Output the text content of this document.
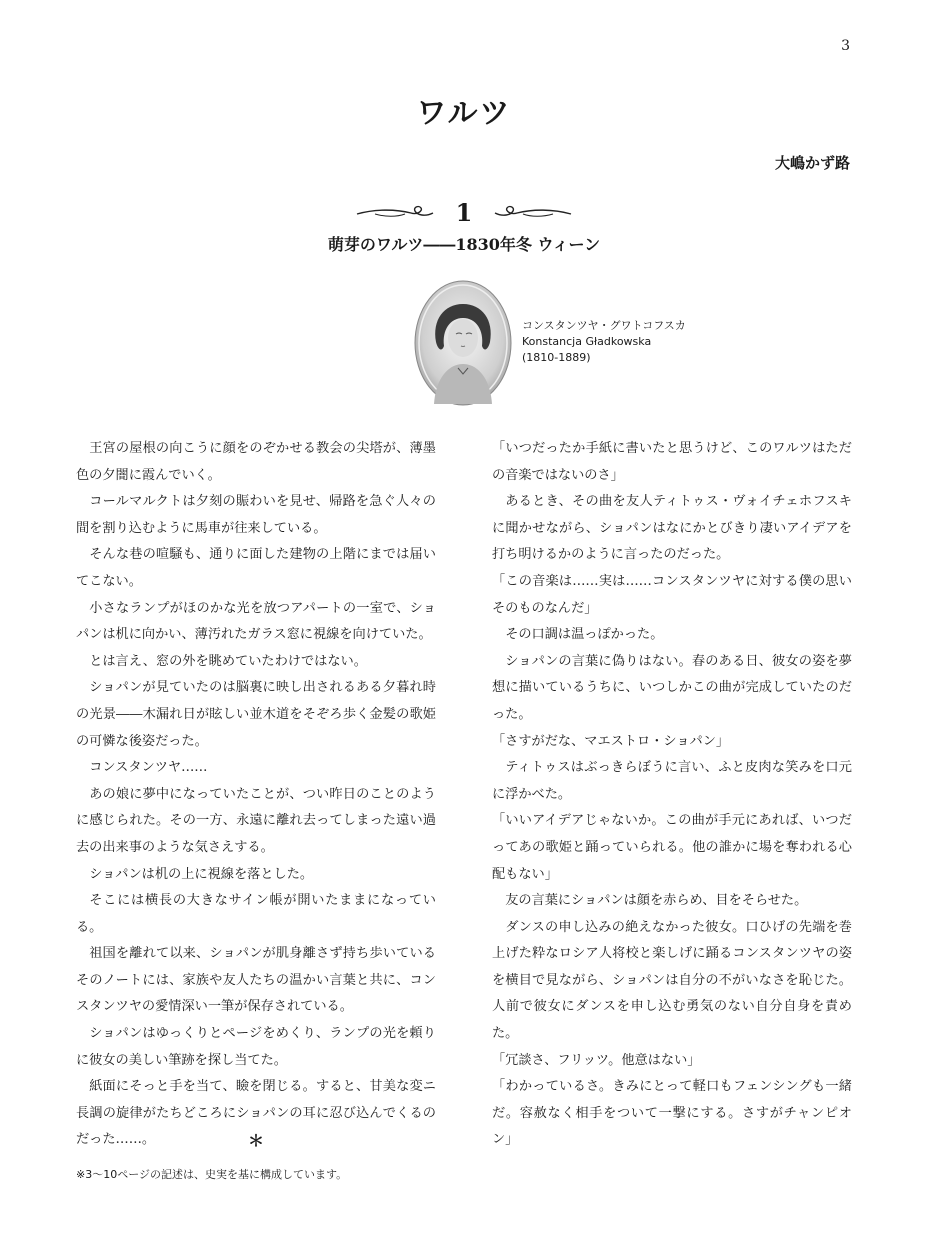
3
ワルツ
大嶋かず路
1
萌芽のワルツ――1830年冬 ウィーン
コンスタンツヤ・グワトコフスカ
Konstancja Gładkowska
(1810-1889)

王宮の屋根の向こうに顔をのぞかせる教会の尖塔が、薄墨色の夕闇に霞んでいく。

コールマルクトは夕刻の賑わいを見せ、帰路を急ぐ人々の間を割り込むように馬車が往来している。

そんな巷の喧騒も、通りに面した建物の上階にまでは届いてこない。

小さなランプがほのかな光を放つアパートの一室で、ショパンは机に向かい、薄汚れたガラス窓に視線を向けていた。

とは言え、窓の外を眺めていたわけではない。

ショパンが見ていたのは脳裏に映し出されるある夕暮れ時の光景――木漏れ日が眩しい並木道をそぞろ歩く金髪の歌姫の可憐な後姿だった。

コンスタンツヤ……

あの娘に夢中になっていたことが、つい昨日のことのように感じられた。その一方、永遠に離れ去ってしまった遠い過去の出来事のような気さえする。

ショパンは机の上に視線を落とした。

そこには横長の大きなサイン帳が開いたままになっている。

祖国を離れて以来、ショパンが肌身離さず持ち歩いているそのノートには、家族や友人たちの温かい言葉と共に、コンスタンツヤの愛情深い一筆が保存されている。

ショパンはゆっくりとページをめくり、ランプの光を頼りに彼女の美しい筆跡を探し当てた。

紙面にそっと手を当て、瞼を閉じる。すると、甘美な変ニ長調の旋律がたちどころにショパンの耳に忍び込んでくるのだった……。

「いつだったか手紙に書いたと思うけど、このワルツはただの音楽ではないのさ」

あるとき、その曲を友人ティトゥス・ヴォイチェホフスキに聞かせながら、ショパンはなにかとびきり凄いアイデアを打ち明けるかのように言ったのだった。

「この音楽は……実は……コンスタンツヤに対する僕の思いそのものなんだ」

その口調は温っぽかった。

ショパンの言葉に偽りはない。春のある日、彼女の姿を夢想に描いているうちに、いつしかこの曲が完成していたのだった。

「さすがだな、マエストロ・ショパン」

ティトゥスはぶっきらぼうに言い、ふと皮肉な笑みを口元に浮かべた。

「いいアイデアじゃないか。この曲が手元にあれば、いつだってあの歌姫と踊っていられる。他の誰かに場を奪われる心配もない」

友の言葉にショパンは顔を赤らめ、目をそらせた。

ダンスの申し込みの絶えなかった彼女。口ひげの先端を巻上げた粋なロシア人将校と楽しげに踊るコンスタンツヤの姿を横目で見ながら、ショパンは自分の不がいなさを恥じた。人前で彼女にダンスを申し込む勇気のない自分自身を責めた。

「冗談さ、フリッツ。他意はない」

「わかっているさ。きみにとって軽口もフェンシングも一緒だ。容赦なく相手をついて一撃にする。さすがチャンピオン」

＊
※3～10ページの記述は、史実を基に構成しています。
